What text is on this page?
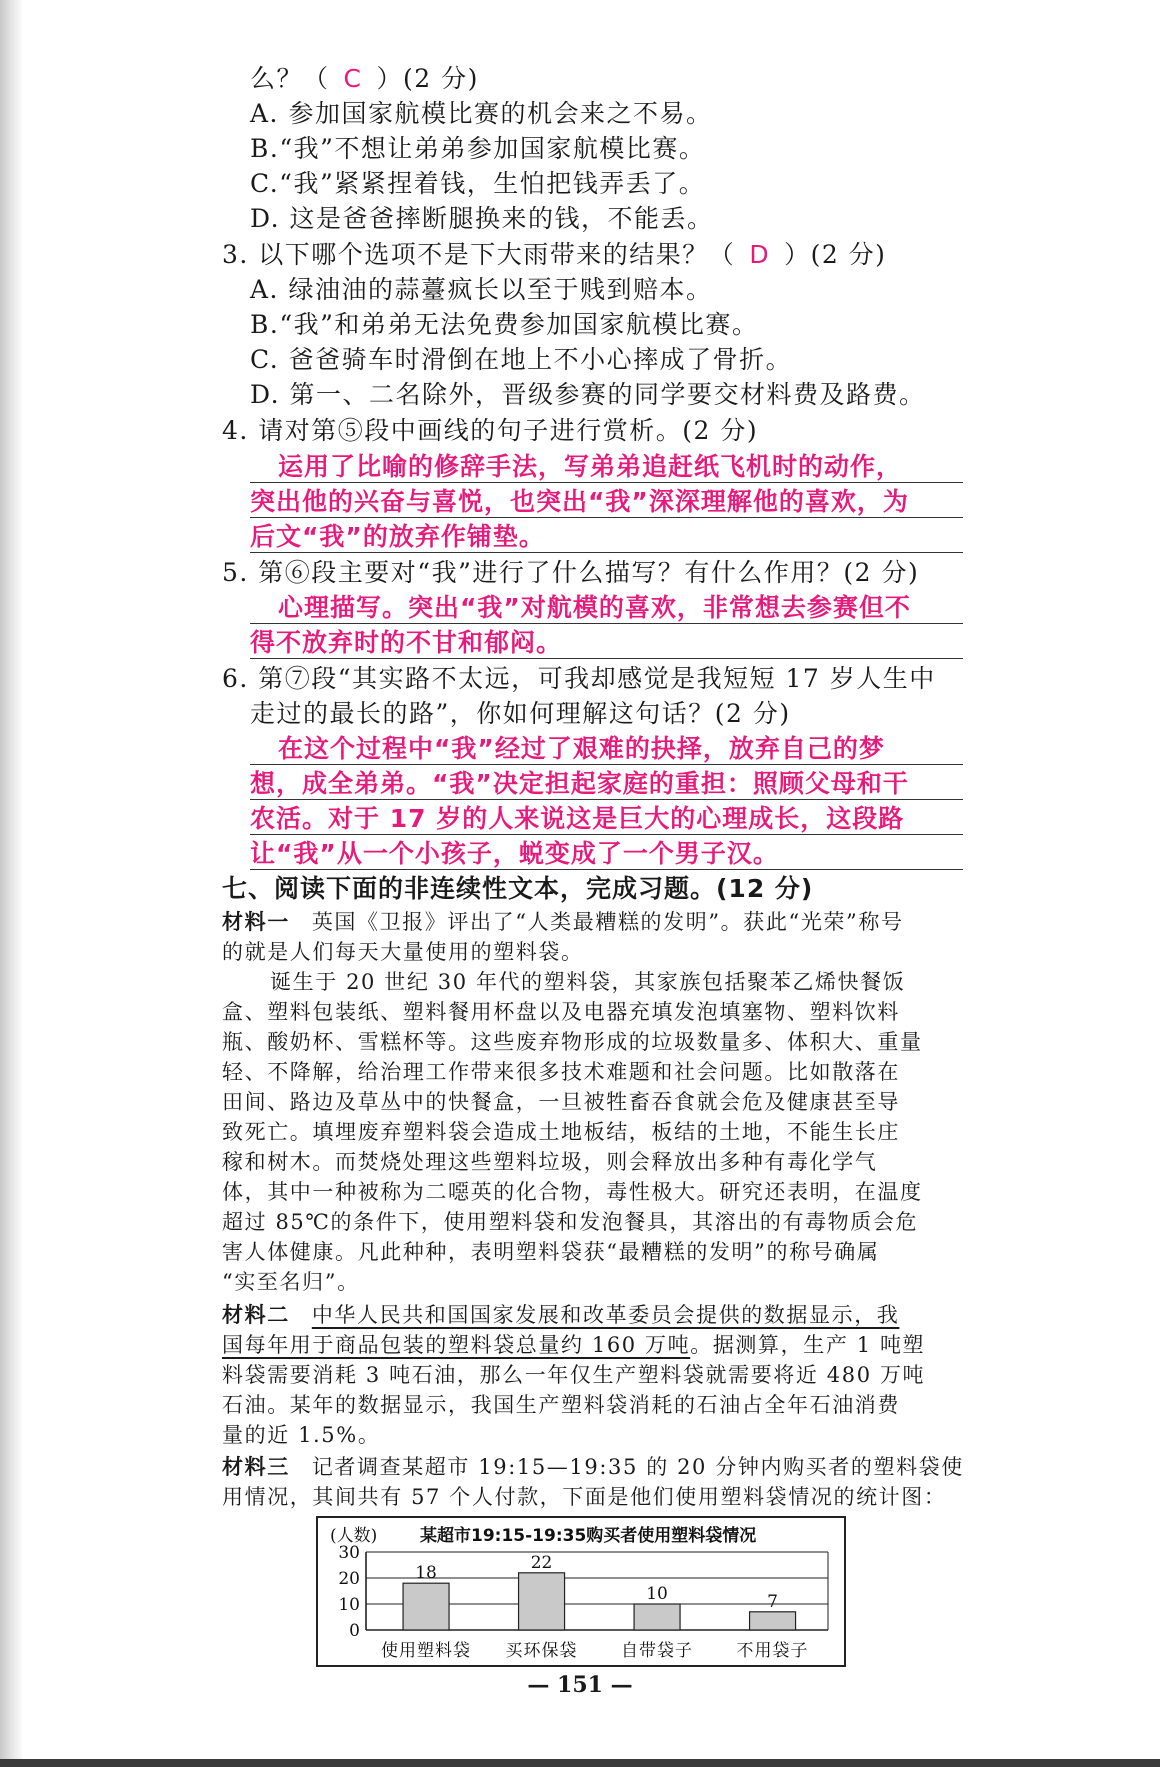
么？（ C ）(2 分)
A. 参加国家航模比赛的机会来之不易。
B.“我”不想让弟弟参加国家航模比赛。
C.“我”紧紧捏着钱，生怕把钱弄丢了。
D. 这是爸爸摔断腿换来的钱，不能丢。
3. 以下哪个选项不是下大雨带来的结果？（ D ）(2 分)
A. 绿油油的蒜薹疯长以至于贱到赔本。
B.“我”和弟弟无法免费参加国家航模比赛。
C. 爸爸骑车时滑倒在地上不小心摔成了骨折。
D. 第一、二名除外，晋级参赛的同学要交材料费及路费。
4. 请对第⑤段中画线的句子进行赏析。(2 分)
运用了比喻的修辞手法，写弟弟追赶纸飞机时的动作，
突出他的兴奋与喜悦，也突出“我”深深理解他的喜欢，为
后文“我”的放弃作铺垫。
5. 第⑥段主要对“我”进行了什么描写？有什么作用？(2 分)
心理描写。突出“我”对航模的喜欢，非常想去参赛但不
得不放弃时的不甘和郁闷。
6. 第⑦段“其实路不太远，可我却感觉是我短短 17 岁人生中
走过的最长的路”，你如何理解这句话？(2 分)
在这个过程中“我”经过了艰难的抉择，放弃自己的梦
想，成全弟弟。“我”决定担起家庭的重担：照顾父母和干
农活。对于 17 岁的人来说这是巨大的心理成长，这段路
让“我”从一个小孩子，蜕变成了一个男子汉。
七、阅读下面的非连续性文本，完成习题。(12 分)
材料一 英国《卫报》评出了“人类最糟糕的发明”。获此“光荣”称号
的就是人们每天大量使用的塑料袋。
诞生于 20 世纪 30 年代的塑料袋，其家族包括聚苯乙烯快餐饭
盒、塑料包装纸、塑料餐用杯盘以及电器充填发泡填塞物、塑料饮料
瓶、酸奶杯、雪糕杯等。这些废弃物形成的垃圾数量多、体积大、重量
轻、不降解，给治理工作带来很多技术难题和社会问题。比如散落在
田间、路边及草丛中的快餐盒，一旦被牲畜吞食就会危及健康甚至导
致死亡。填埋废弃塑料袋会造成土地板结，板结的土地，不能生长庄
稼和树木。而焚烧处理这些塑料垃圾，则会释放出多种有毒化学气
体，其中一种被称为二噁英的化合物，毒性极大。研究还表明，在温度
超过 85℃的条件下，使用塑料袋和发泡餐具，其溶出的有毒物质会危
害人体健康。凡此种种，表明塑料袋获“最糟糕的发明”的称号确属
“实至名归”。
材料二 中华人民共和国国家发展和改革委员会提供的数据显示，我
国每年用于商品包装的塑料袋总量约 160 万吨。据测算，生产 1 吨塑
料袋需要消耗 3 吨石油，那么一年仅生产塑料袋就需要将近 480 万吨
石油。某年的数据显示，我国生产塑料袋消耗的石油占全年石油消费
量的近 1.5%。
材料三 记者调查某超市 19:15—19:35 的 20 分钟内购买者的塑料袋使
用情况，其间共有 57 个人付款，下面是他们使用塑料袋情况的统计图：
(人数)	某超市19:15-19:35购买者使用塑料袋情况
0
10
20
30
18
使用塑料袋
22
买环保袋
10
自带袋子
7
不用袋子
— 151 —
